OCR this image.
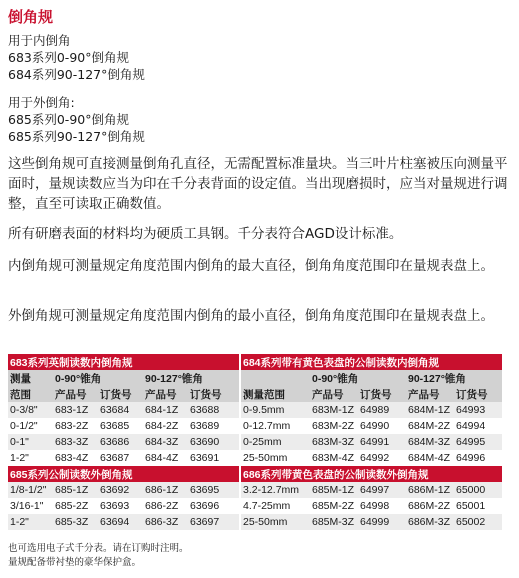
倒角规
用于内倒角
683系列0-90°倒角规
684系列90-127°倒角规
用于外倒角:
685系列0-90°倒角规
685系列90-127°倒角规
这些倒角规可直接测量倒角孔直径，无需配置标准量块。当三叶片柱塞被压向测量平面时，量规读数应当为印在千分表背面的设定值。当出现磨损时，应当对量规进行调整，直至可读取正确数值。
所有研磨表面的材料均为硬质工具钢。千分表符合AGD设计标准。
内倒角规可测量规定角度范围内倒角的最大直径，倒角角度范围印在量规表盘上。
外倒角规可测量规定角度范围内倒角的最小直径，倒角角度范围印在量规表盘上。
683系列英制读数内倒角规					684系列带有黄色表盘的公制读数内倒角规				
测量	0-90°锥角		90-127°锥角			0-90°锥角		90-127°锥角	
范围	产品号	订货号	产品号	订货号	测量范围	产品号	订货号	产品号	订货号
0-3/8"	683-1Z	63684	684-1Z	63688	0-9.5mm	683M-1Z	64989	684M-1Z	64993
0-1/2"	683-2Z	63685	684-2Z	63689	0-12.7mm	683M-2Z	64990	684M-2Z	64994
0-1"	683-3Z	63686	684-3Z	63690	0-25mm	683M-3Z	64991	684M-3Z	64995
1-2"	683-4Z	63687	684-4Z	63691	25-50mm	683M-4Z	64992	684M-4Z	64996
685系列公制读数外倒角规					686系列带黄色表盘的公制读数外倒角规				
1/8-1/2"	685-1Z	63692	686-1Z	63695	3.2-12.7mm	685M-1Z	64997	686M-1Z	65000
3/16-1"	685-2Z	63693	686-2Z	63696	4.7-25mm	685M-2Z	64998	686M-2Z	65001
1-2"	685-3Z	63694	686-3Z	63697	25-50mm	685M-3Z	64999	686M-3Z	65002
也可选用电子式千分表。请在订购时注明。
量规配备带衬垫的豪华保护盒。
